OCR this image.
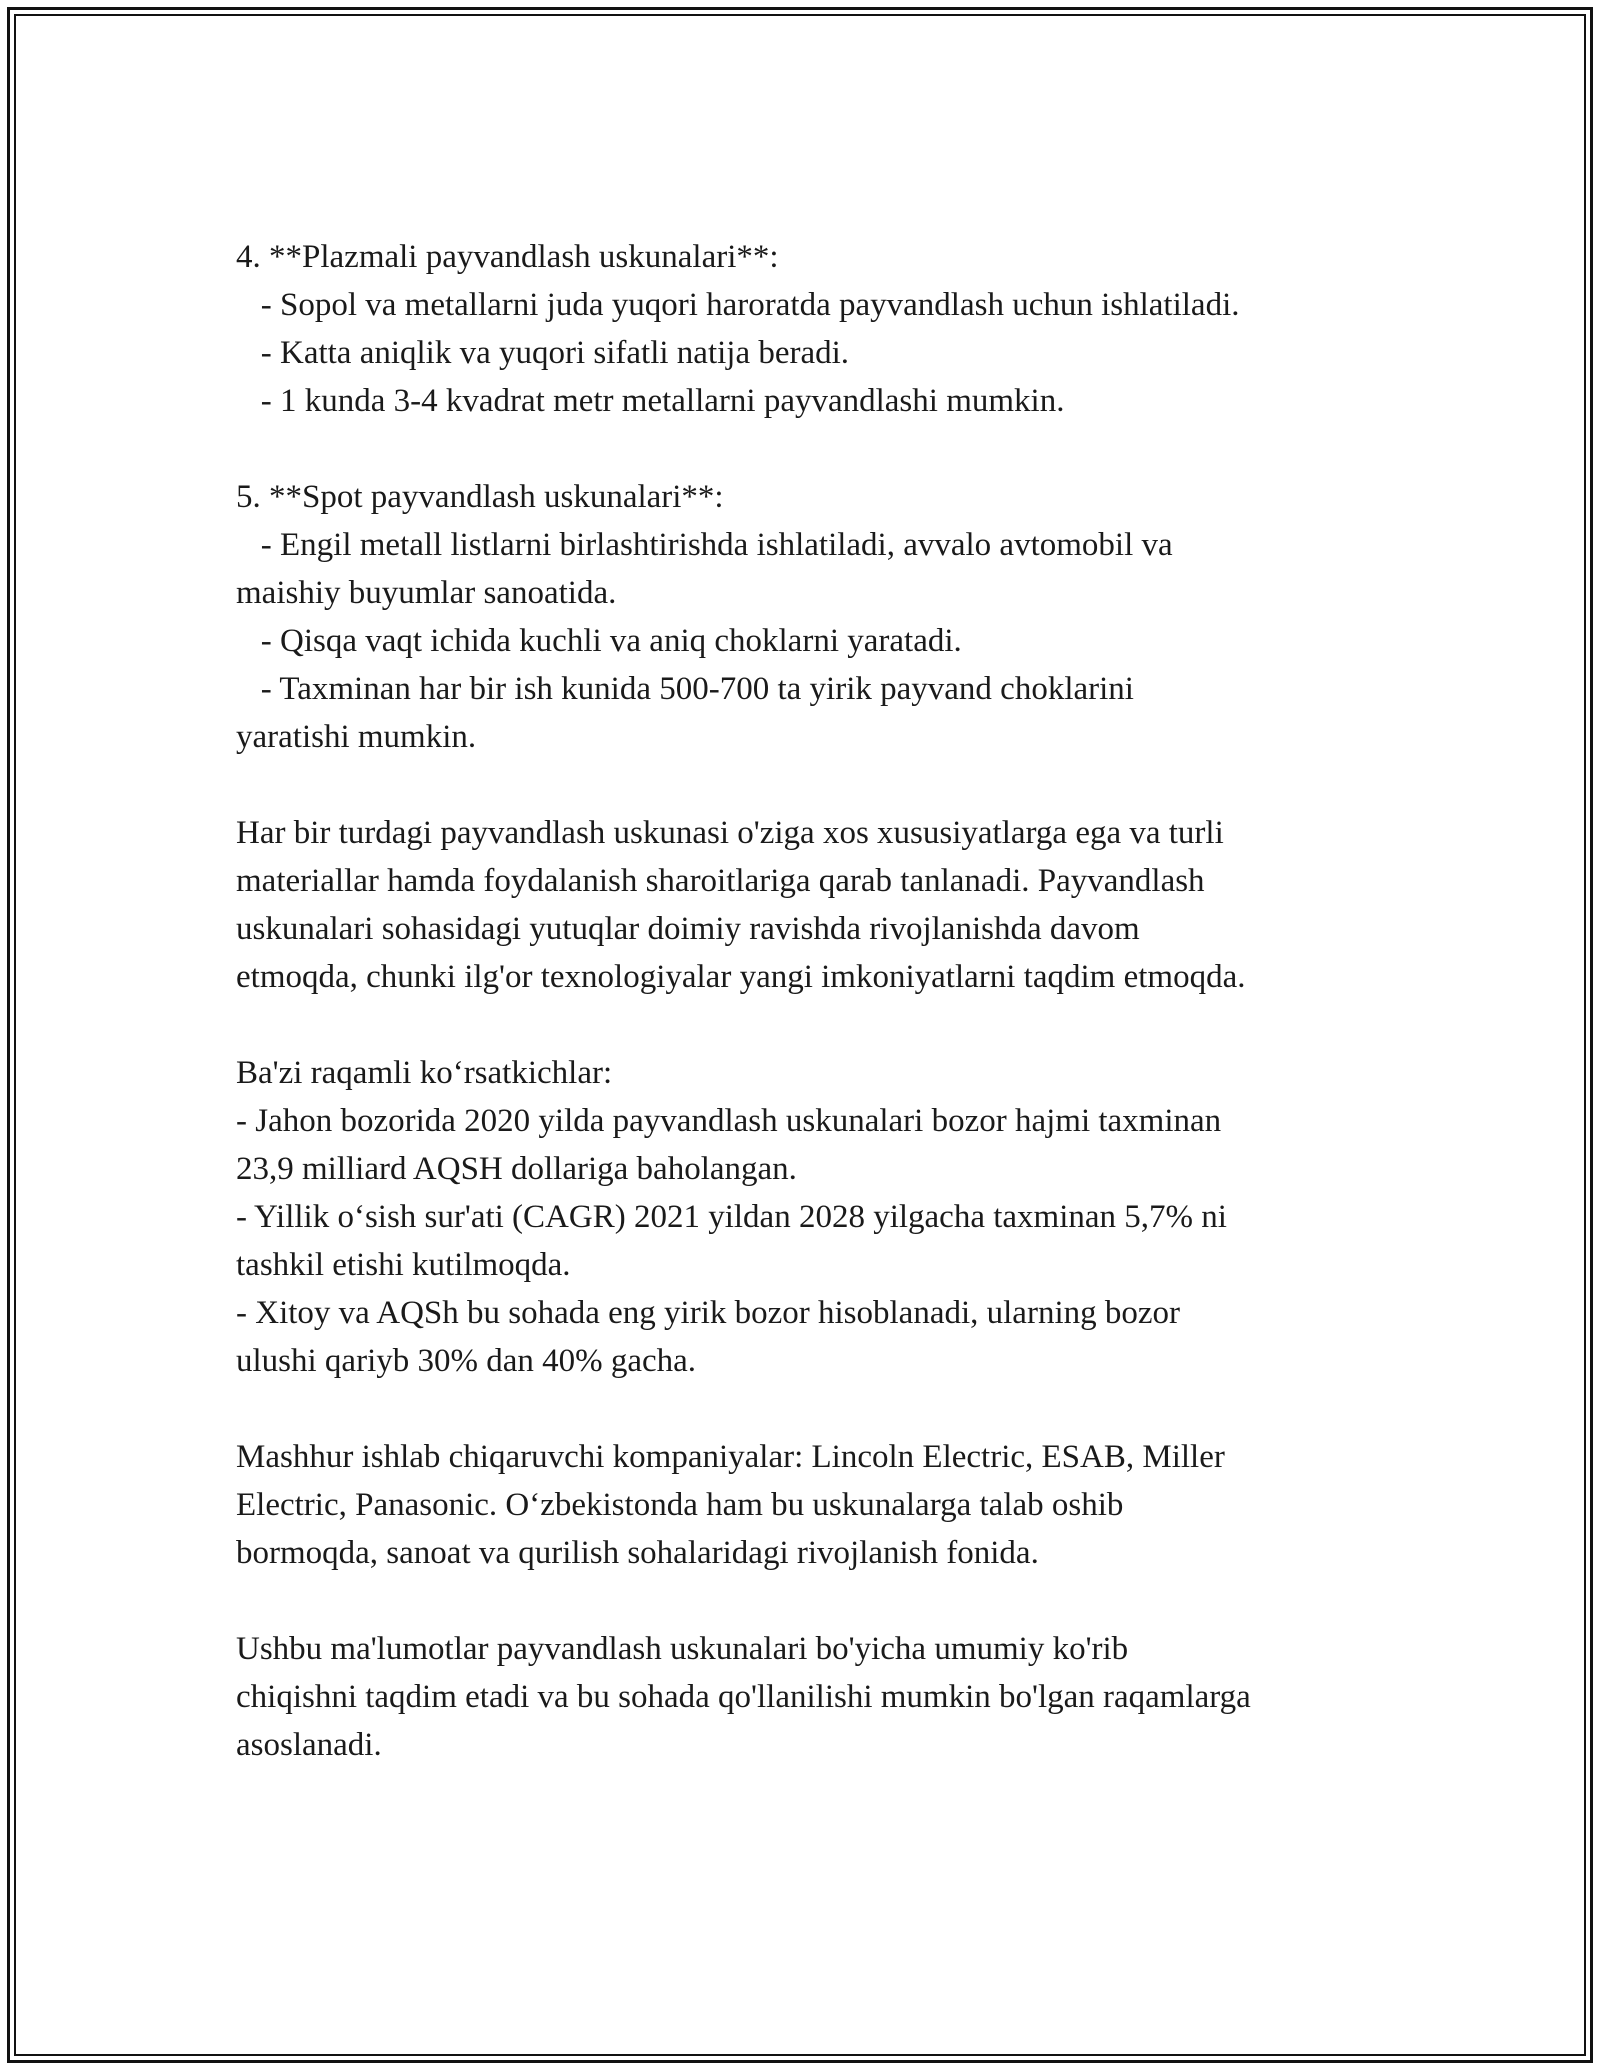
4. **Plazmali payvandlash uskunalari**:
- Sopol va metallarni juda yuqori haroratda payvandlash uchun ishlatiladi.
- Katta aniqlik va yuqori sifatli natija beradi.
- 1 kunda 3-4 kvadrat metr metallarni payvandlashi mumkin.
5. **Spot payvandlash uskunalari**:
- Engil metall listlarni birlashtirishda ishlatiladi, avvalo avtomobil va
maishiy buyumlar sanoatida.
- Qisqa vaqt ichida kuchli va aniq choklarni yaratadi.
- Taxminan har bir ish kunida 500-700 ta yirik payvand choklarini
yaratishi mumkin.
Har bir turdagi payvandlash uskunasi o'ziga xos xususiyatlarga ega va turli
materiallar hamda foydalanish sharoitlariga qarab tanlanadi. Payvandlash
uskunalari sohasidagi yutuqlar doimiy ravishda rivojlanishda davom
etmoqda, chunki ilg'or texnologiyalar yangi imkoniyatlarni taqdim etmoqda.
Ba'zi raqamli ko‘rsatkichlar:
- Jahon bozorida 2020 yilda payvandlash uskunalari bozor hajmi taxminan
23,9 milliard AQSH dollariga baholangan.
- Yillik o‘sish sur'ati (CAGR) 2021 yildan 2028 yilgacha taxminan 5,7% ni
tashkil etishi kutilmoqda.
- Xitoy va AQSh bu sohada eng yirik bozor hisoblanadi, ularning bozor
ulushi qariyb 30% dan 40% gacha.
Mashhur ishlab chiqaruvchi kompaniyalar: Lincoln Electric, ESAB, Miller
Electric, Panasonic. O‘zbekistonda ham bu uskunalarga talab oshib
bormoqda, sanoat va qurilish sohalaridagi rivojlanish fonida.
Ushbu ma'lumotlar payvandlash uskunalari bo'yicha umumiy ko'rib
chiqishni taqdim etadi va bu sohada qo'llanilishi mumkin bo'lgan raqamlarga
asoslanadi.
